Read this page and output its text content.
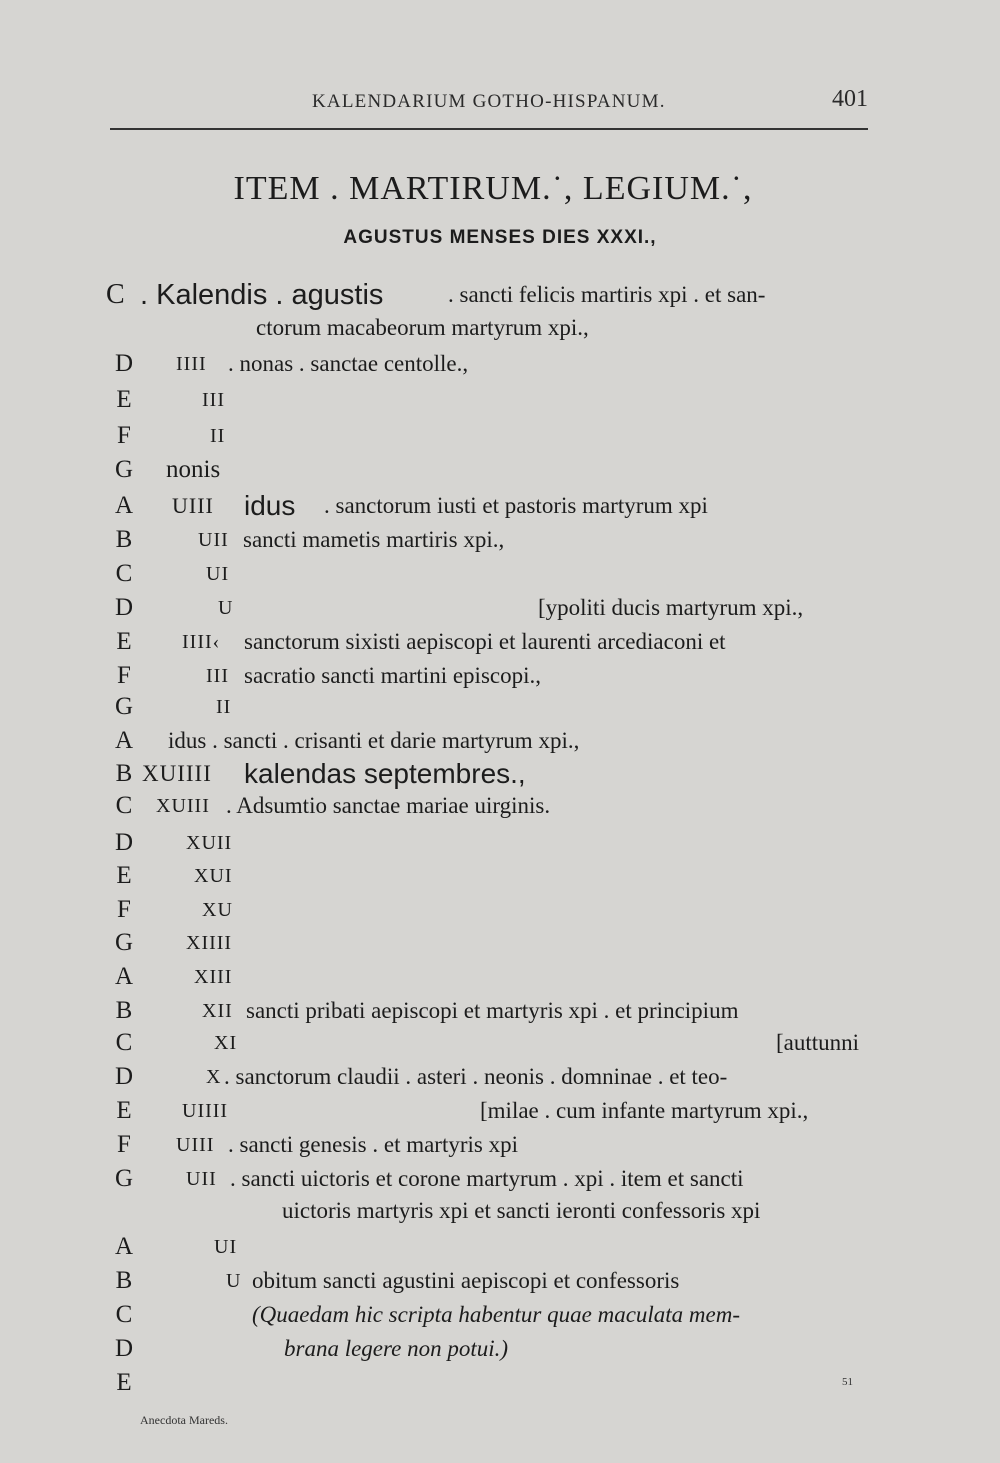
KALENDARIUM GOTHO-HISPANUM.	401
ITEM . MARTIRUM.˙, LEGIUM.˙,
AGUSTUS MENSES DIES XXXI.,
C . Kalendis . agustis	. sancti felicis martiris xpi . et san-
ctorum macabeorum martyrum xpi.,
D	IIII . nonas . sanctae centolle.,
E	III
F	II
G	nonis
A	UIII idus . sanctorum iusti et pastoris martyrum xpi
B	UII sancti mametis martiris xpi.,
C	UI
D	U	[ypoliti ducis martyrum xpi.,
E	IIII‹ sanctorum sixisti aepiscopi et laurenti arcediaconi et
F	III sacratio sancti martini episcopi.,
G	II
A	idus . sancti . crisanti et darie martyrum xpi.,
B XUIIII kalendas septembres.,
C	XUIII . Adsumtio sanctae mariae uirginis.
D	XUII
E	XUI
F	XU
G	XIIII
A	XIII
B	XII sancti pribati aepiscopi et martyris xpi . et principium
C	XI	[auttunni
D	X . sanctorum claudii . asteri . neonis . domninae . et teo-
E	UIIII	[milae . cum infante martyrum xpi.,
F	UIII . sancti genesis . et martyris xpi
G	UII . sancti uictoris et corone martyrum . xpi . item et sancti
uictoris martyris xpi et sancti ieronti confessoris xpi
A	UI
B	U obitum sancti agustini aepiscopi et confessoris
C	(Quaedam hic scripta habentur quae maculata mem-
D	brana legere non potui.)
E
Anecdota Mareds.
51
